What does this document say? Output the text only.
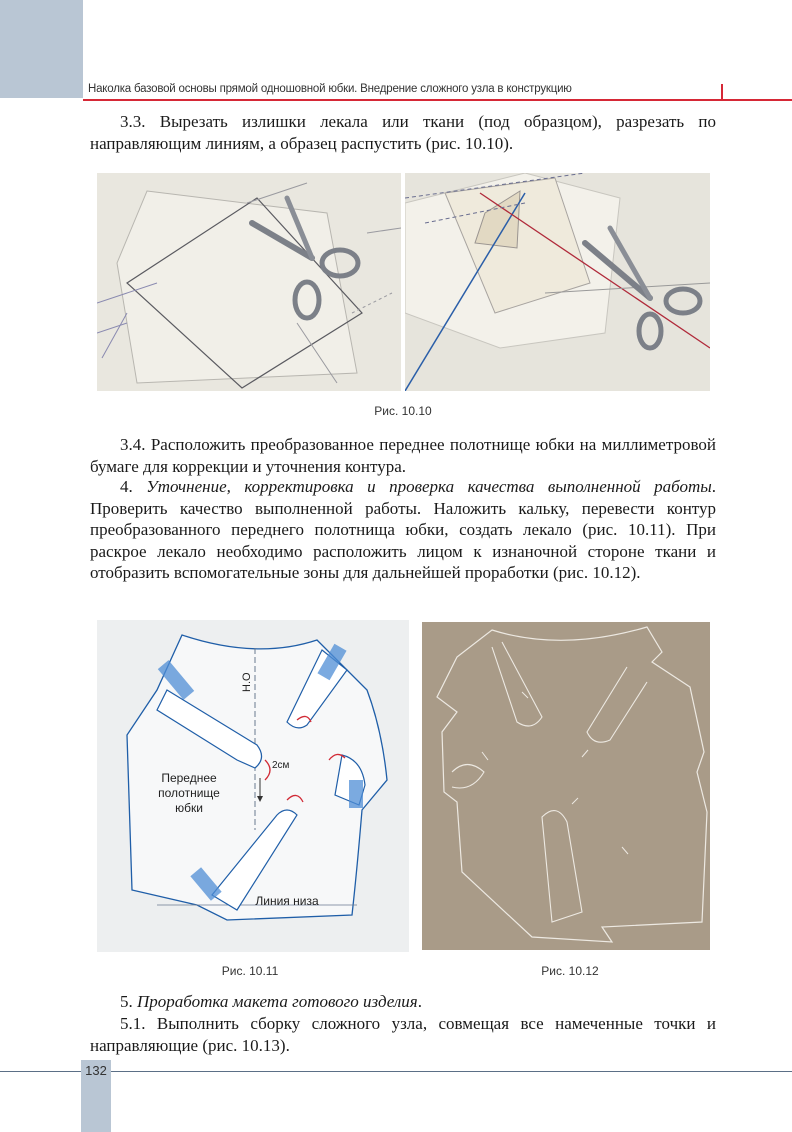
Наколка базовой основы прямой одношовной юбки. Внедрение сложного узла в конструкцию

3.3. Вырезать излишки лекала или ткани (под образцом), разрезать по направляющим линиям, а образец распустить (рис. 10.10).

Рис. 10.10

3.4. Расположить преобразованное переднее полотнище юбки на миллиметровой бумаге для коррекции и уточнения контура.

4. Уточнение, корректировка и проверка качества выполненной работы. Проверить качество выполненной работы. Наложить кальку, перевести контур преобразованного переднего полотнища юбки, создать лекало (рис. 10.11). При раскрое лекало необходимо расположить лицом к изнаночной стороне ткани и отобразить вспомогательные зоны для дальнейшей проработки (рис. 10.12).

Н.О
2см
Переднее
полотнище
юбки
Линия низа
Рис. 10.11	Рис. 10.12

5. Проработка макета готового изделия.

5.1. Выполнить сборку сложного узла, совмещая все намеченные точки и направляющие (рис. 10.13).

132
